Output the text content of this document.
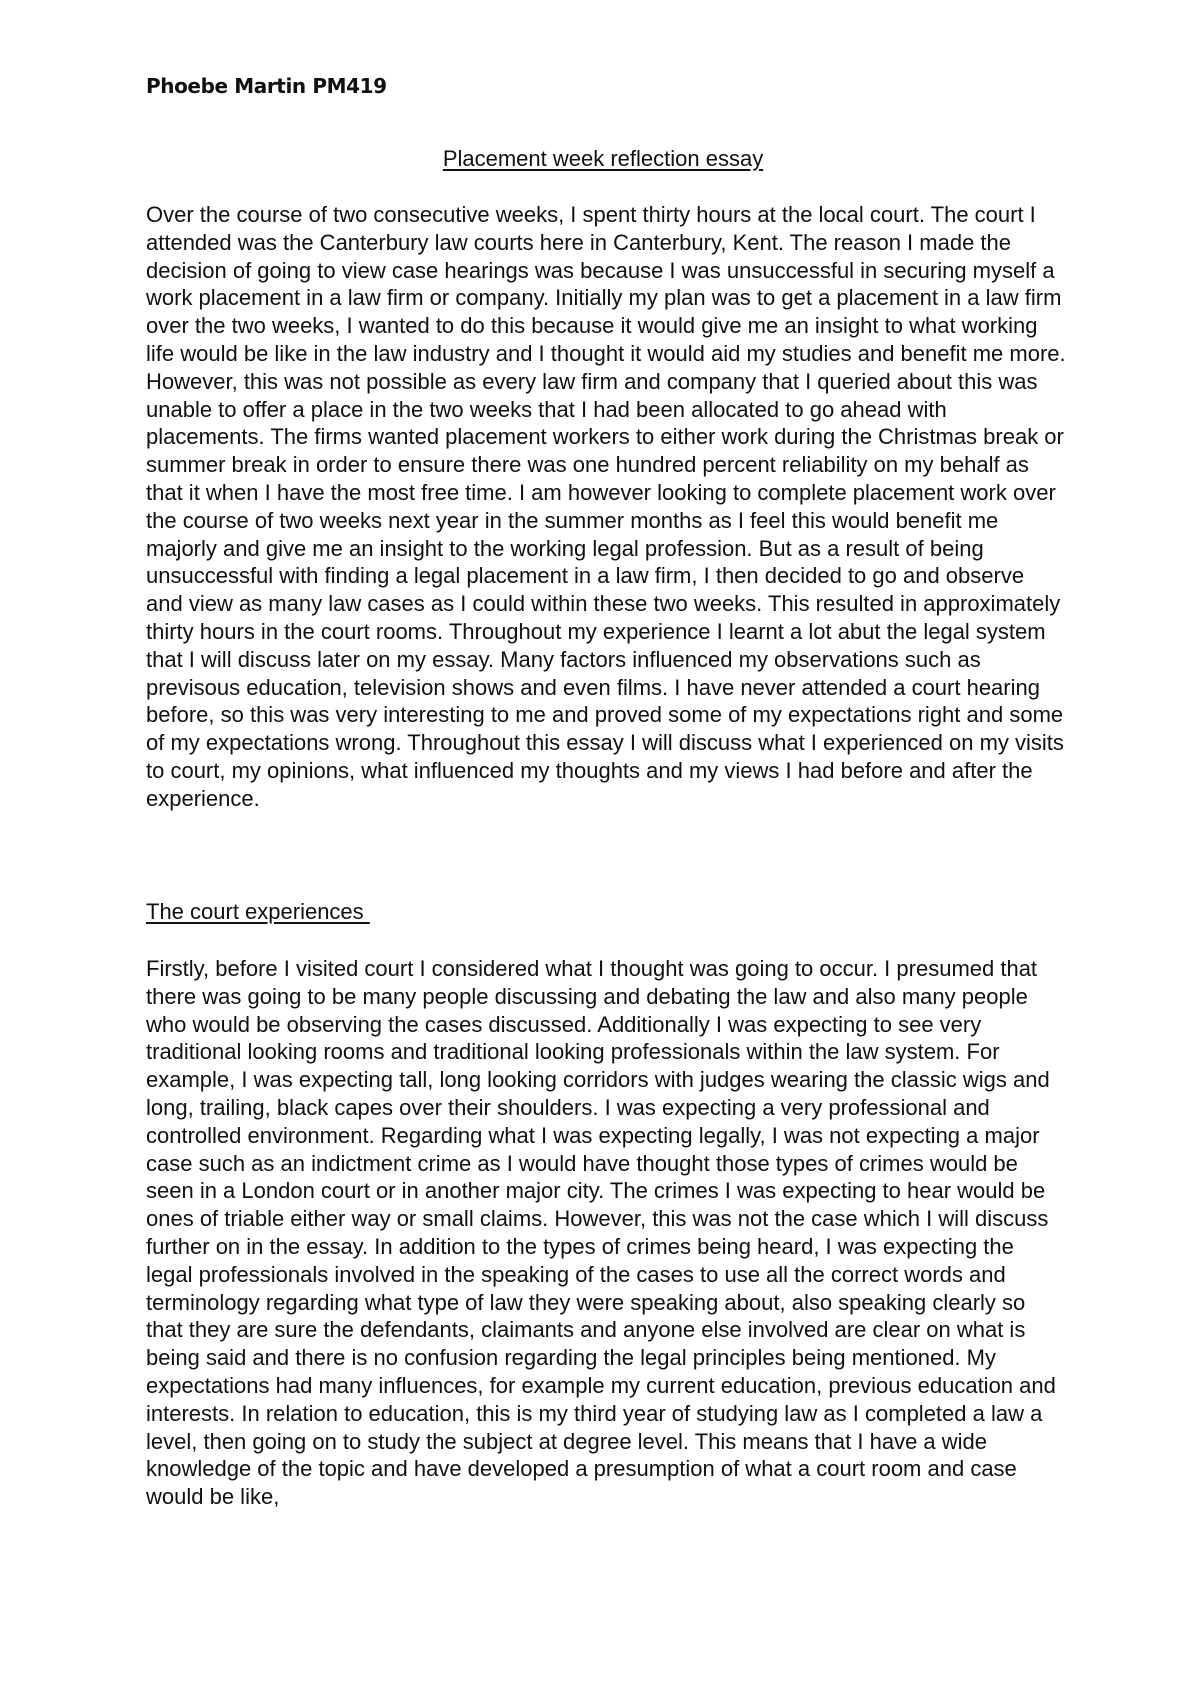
Phoebe Martin PM419

Placement week reflection essay

Over the course of two consecutive weeks, I spent thirty hours at the local court. The court I attended was the Canterbury law courts here in Canterbury, Kent. The reason I made the decision of going to view case hearings was because I was unsuccessful in securing myself a work placement in a law firm or company. Initially my plan was to get a placement in a law firm over the two weeks, I wanted to do this because it would give me an insight to what working life would be like in the law industry and I thought it would aid my studies and benefit me more. However, this was not possible as every law firm and company that I queried about this was unable to offer a place in the two weeks that I had been allocated to go ahead with placements. The firms wanted placement workers to either work during the Christmas break or summer break in order to ensure there was one hundred percent reliability on my behalf as that it when I have the most free time. I am however looking to complete placement work over the course of two weeks next year in the summer months as I feel this would benefit me majorly and give me an insight to the working legal profession. But as a result of being unsuccessful with finding a legal placement in a law firm, I then decided to go and observe and view as many law cases as I could within these two weeks. This resulted in approximately thirty hours in the court rooms. Throughout my experience I learnt a lot abut the legal system that I will discuss later on my essay. Many factors influenced my observations such as previsous education, television shows and even films. I have never attended a court hearing before, so this was very interesting to me and proved some of my expectations right and some of my expectations wrong. Throughout this essay I will discuss what I experienced on my visits to court, my opinions, what influenced my thoughts and my views I had before and after the experience.

The court experiences

Firstly, before I visited court I considered what I thought was going to occur. I presumed that there was going to be many people discussing and debating the law and also many people who would be observing the cases discussed. Additionally I was expecting to see very traditional looking rooms and traditional looking professionals within the law system. For example, I was expecting tall, long looking corridors with judges wearing the classic wigs and long, trailing, black capes over their shoulders. I was expecting a very professional and controlled environment. Regarding what I was expecting legally, I was not expecting a major case such as an indictment crime as I would have thought those types of crimes would be seen in a London court or in another major city. The crimes I was expecting to hear would be ones of triable either way or small claims. However, this was not the case which I will discuss further on in the essay. In addition to the types of crimes being heard, I was expecting the legal professionals involved in the speaking of the cases to use all the correct words and terminology regarding what type of law they were speaking about, also speaking clearly so that they are sure the defendants, claimants and anyone else involved are clear on what is being said and there is no confusion regarding the legal principles being mentioned. My expectations had many influences, for example my current education, previous education and interests. In relation to education, this is my third year of studying law as I completed a law a level, then going on to study the subject at degree level. This means that I have a wide knowledge of the topic and have developed a presumption of what a court room and case would be like,
